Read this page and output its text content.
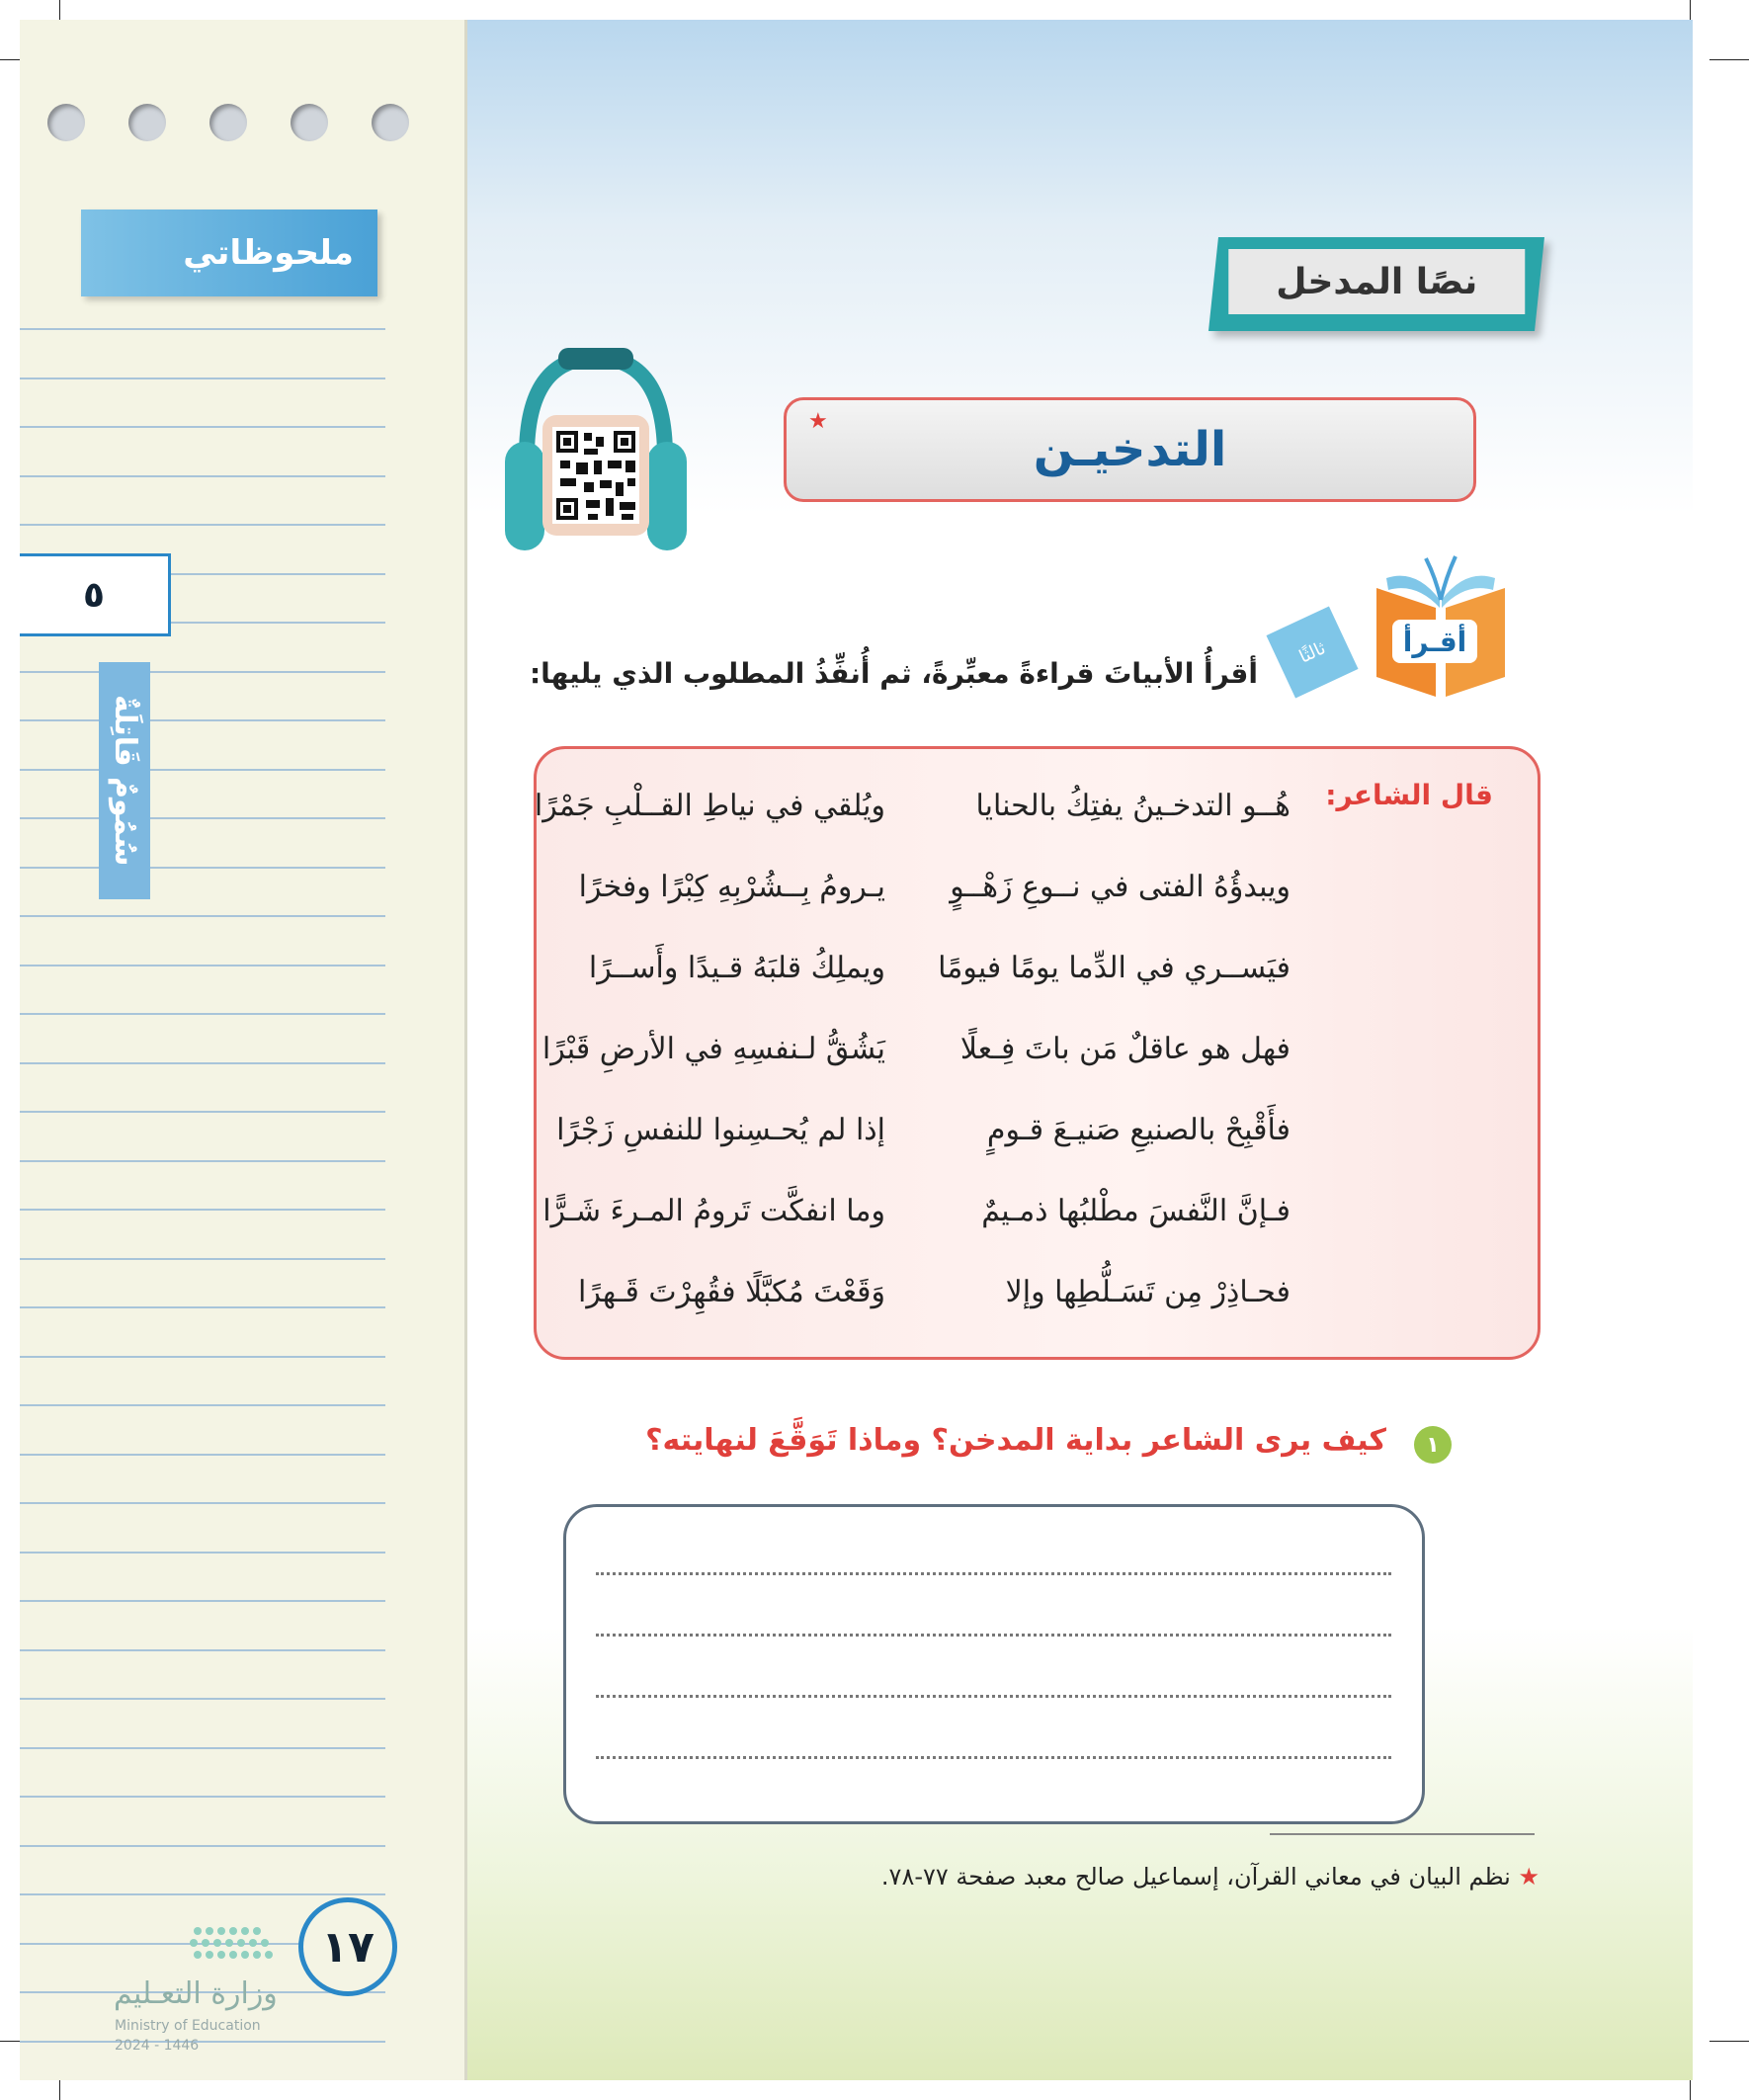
ملحوظاتي
٥
سُمُومٌ قَاتِلَةٌ
وزارة التعـليم
Ministry of Education
2024 - 1446
١٧
نصًا المدخل
التدخيـن
★
أقـرأ
ثالثًا
أقرأُ الأبياتَ قراءةً معبِّرةً، ثم أُنفِّذُ المطلوب الذي يليها:
قال الشاعر:
هُــو التدخـينُ يفتِكُ بالحنايا
ويُلقي في نياطِ القــلْبِ جَمْرًا
ويبدؤُهُ الفتى في نــوعِ زَهْــوٍ
يـرومُ بِــشُرْبِهِ كِبْرًا وفخرًا
فيَســري في الدِّما يومًا فيومًا
ويملِكُ قلبَهُ قـيدًا وأَســرًا
فهل هو عاقلٌ مَن باتَ فِـعلًا
يَشُقُّ لـنفسِهِ في الأرضِ قَبْرًا
فأَقْبِحْ بالصنيعِ صَنيـعَ قـومٍ
إذا لم يُحـسِنوا للنفسِ زَجْرًا
فـإنَّ النَّفسَ مطْلبُها ذمـيمٌ
وما انفكَّت تَرومُ المـرءَ شَـرًّا
فحـاذِرْ مِن تَسَـلُّطِها وإلا
وَقَعْتَ مُكبَّلًا فقُهِرْتَ قَـهرًا
١
كيف يرى الشاعر بداية المدخن؟ وماذا تَوَقَّعَ لنهايته؟
★ نظم البيان في معاني القرآن، إسماعيل صالح معبد صفحة ٧٧-٧٨.
